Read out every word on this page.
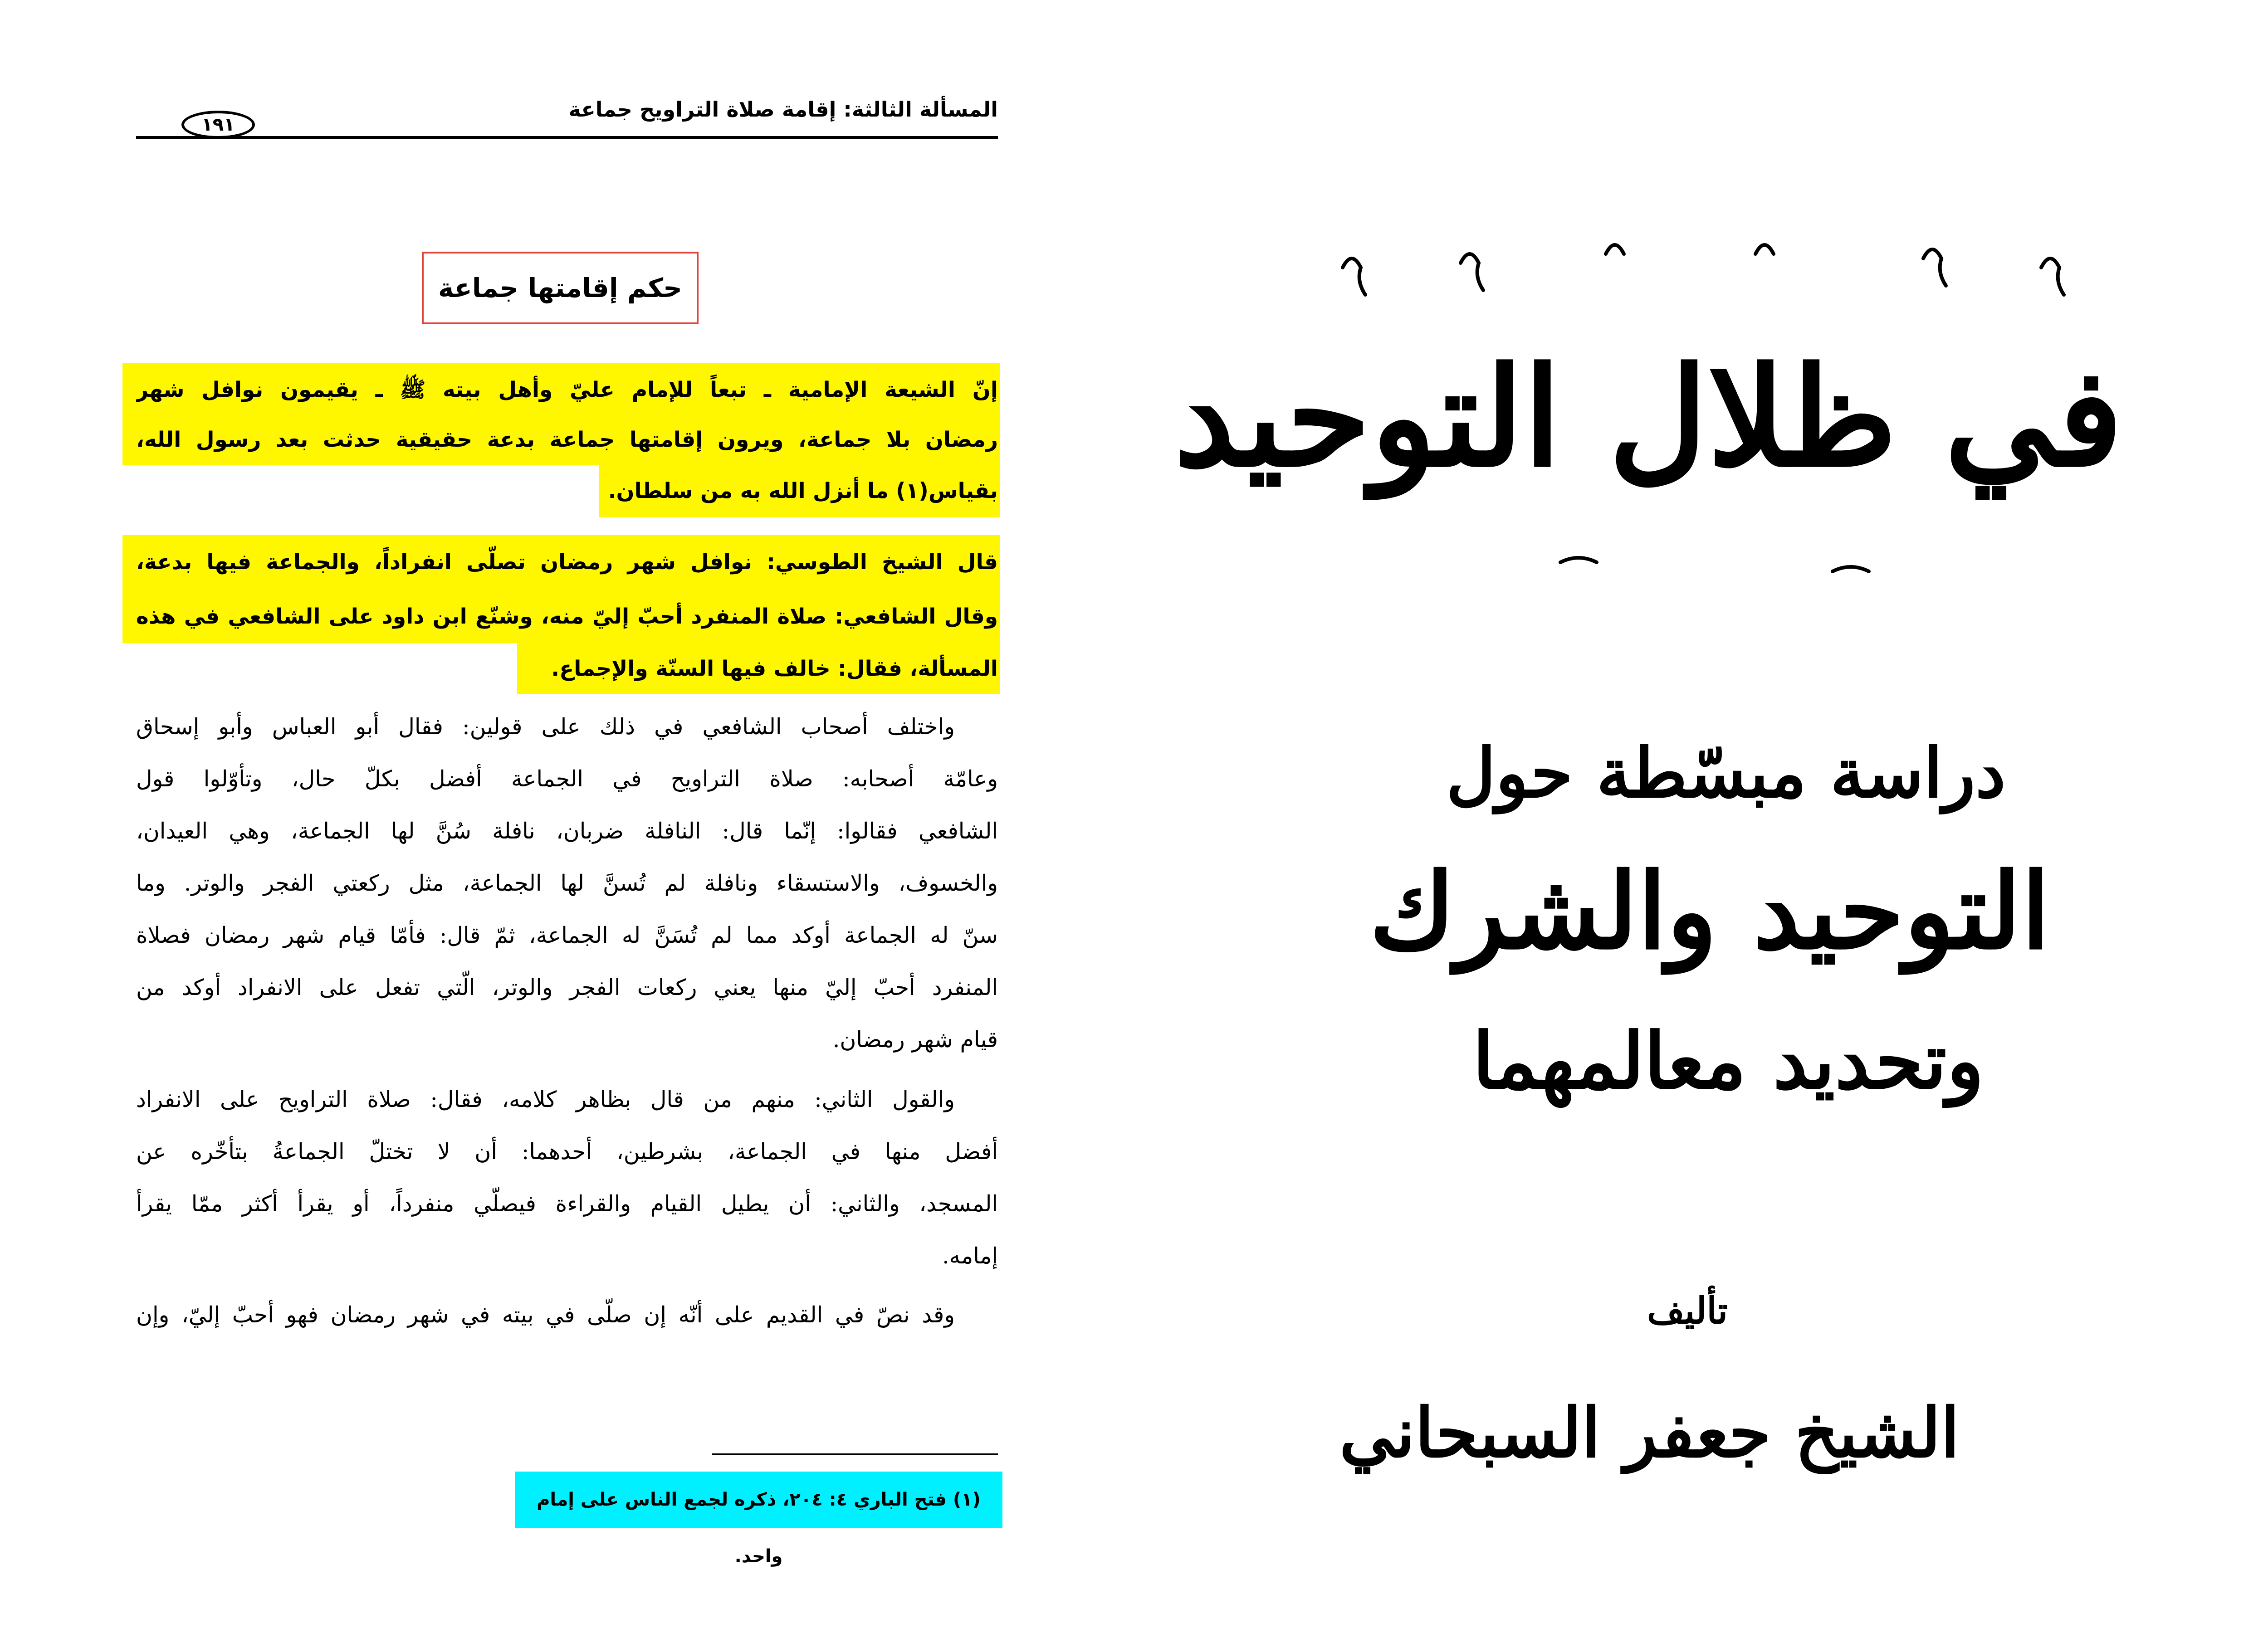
المسألة الثالثة: إقامة صلاة التراويح جماعة
١٩١
حكم إقامتها جماعة
إنّ الشيعة الإمامية ـ تبعاً للإمام عليّ وأهل بيته ﷺ ـ يقيمون نوافل شهر
رمضان بلا جماعة، ويرون إقامتها جماعة بدعة حقيقية حدثت بعد رسول الله،
بقياس(١) ما أنزل الله به من سلطان.
قال الشيخ الطوسي: نوافل شهر رمضان تصلّى انفراداً، والجماعة فيها بدعة،
وقال الشافعي: صلاة المنفرد أحبّ إليّ منه، وشنّع ابن داود على الشافعي في هذه
المسألة، فقال: خالف فيها السنّة والإجماع.
واختلف أصحاب الشافعي في ذلك على قولين: فقال أبو العباس وأبو إسحاق
وعامّة أصحابه: صلاة التراويح في الجماعة أفضل بكلّ حال، وتأوّلوا قول
الشافعي فقالوا: إنّما قال: النافلة ضربان، نافلة سُنَّ لها الجماعة، وهي العيدان،
والخسوف، والاستسقاء ونافلة لم تُسنَّ لها الجماعة، مثل ركعتي الفجر والوتر. وما
سنّ له الجماعة أوكد مما لم تُسَنَّ له الجماعة، ثمّ قال: فأمّا قيام شهر رمضان فصلاة
المنفرد أحبّ إليّ منها يعني ركعات الفجر والوتر، الّتي تفعل على الانفراد أوكد من
قيام شهر رمضان.
والقول الثاني: منهم من قال بظاهر كلامه، فقال: صلاة التراويح على الانفراد
أفضل منها في الجماعة، بشرطين، أحدهما: أن لا تختلّ الجماعةُ بتأخّره عن
المسجد، والثاني: أن يطيل القيام والقراءة فيصلّي منفرداً، أو يقرأ أكثر ممّا يقرأ
إمامه.
وقد نصّ في القديم على أنّه إن صلّى في بيته في شهر رمضان فهو أحبّ إليّ، وإن
(١) فتح الباري ٤: ٢٠٤، ذكره لجمع الناس على إمام واحد.
في ظلال التوحيد
دراسة مبسّطة حول
التوحيد والشرك
وتحديد معالمهما
تأليف
الشيخ جعفر السبحاني
